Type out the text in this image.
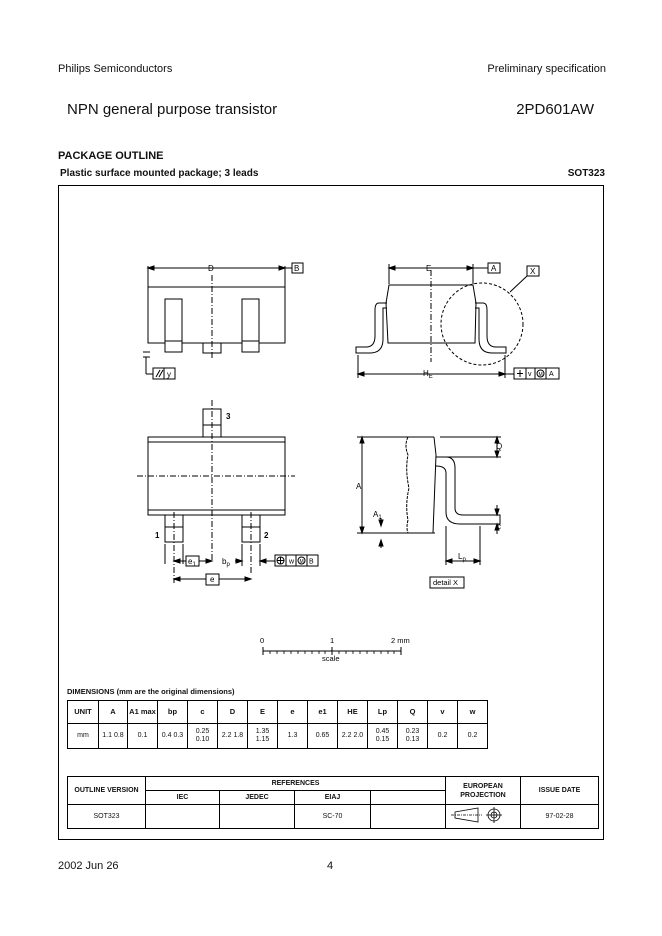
Philips Semiconductors	Preliminary specification
NPN general purpose transistor	2PD601AW
PACKAGE OUTLINE
Plastic surface mounted package; 3 leads	SOT323
D	B
y
E	A	X
$H_E$	v M A
3
1	2
$e_1$	$b_p$	w M B
e
Q
A
$A_1$
c
$L_p$
detail X
0	1	2 mm
scale
DIMENSIONS (mm are the original dimensions)
UNIT	A	A1 max	bp	c	D	E	e	e1	HE	Lp	Q	v	w
mm	1.1 0.8	0.1	0.4 0.3	0.25 0.10	2.2 1.8	1.35 1.15	1.3	0.65	2.2 2.0	0.45 0.15	0.23 0.13	0.2	0.2
OUTLINE VERSION	REFERENCES				EUROPEAN PROJECTION	ISSUE DATE
	IEC	JEDEC	EIAJ			
SOT323			SC-70			97-02-28
2002 Jun 26	4
